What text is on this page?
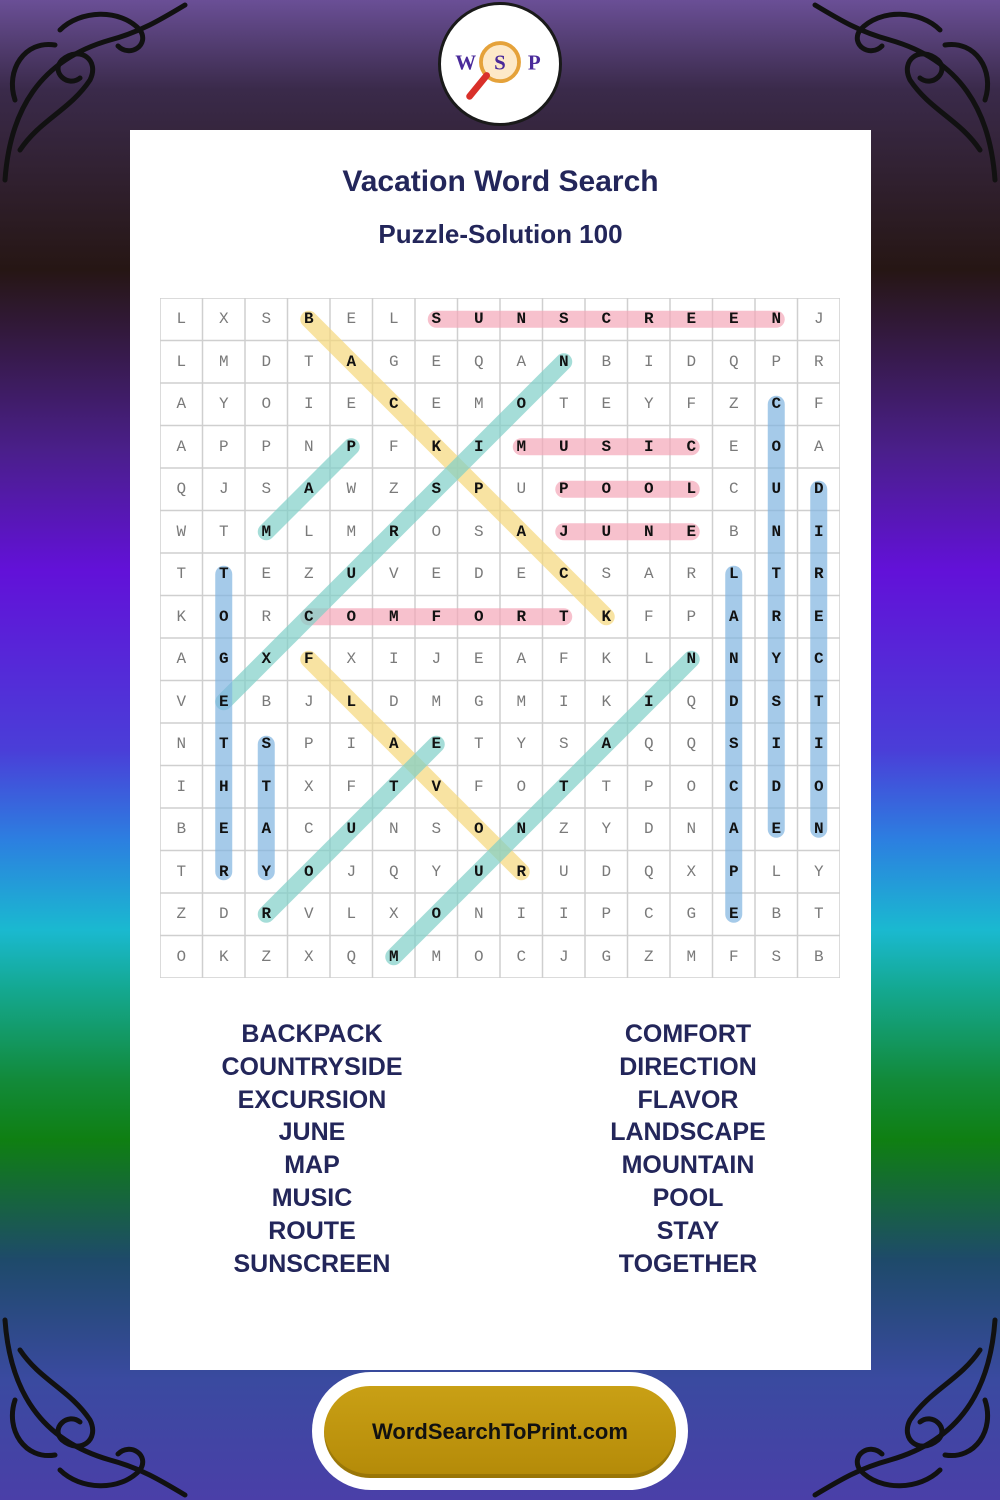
W S P
Vacation Word Search
Puzzle-Solution 100
L	X	S	B	E	L	S	U	N	S	C	R	E	E	N	J
L	M	D	T	A	G	E	Q	A	N	B	I	D	Q	P	R
A	Y	O	I	E	C	E	M	O	T	E	Y	F	Z	C	F
A	P	P	N	P	F	K	I	M	U	S	I	C	E	O	A
Q	J	S	A	W	Z	S	P	U	P	O	O	L	C	U	D
W	T	M	L	M	R	O	S	A	J	U	N	E	B	N	I
T	T	E	Z	U	V	E	D	E	C	S	A	R	L	T	R
K	O	R	C	O	M	F	O	R	T	K	F	P	A	R	E
A	G	X	F	X	I	J	E	A	F	K	L	N	N	Y	C
V	E	B	J	L	D	M	G	M	I	K	I	Q	D	S	T
N	T	S	P	I	A	E	T	Y	S	A	Q	Q	S	I	I
I	H	T	X	F	T	V	F	O	T	T	P	O	C	D	O
B	E	A	C	U	N	S	O	N	Z	Y	D	N	A	E	N
T	R	Y	O	J	Q	Y	U	R	U	D	Q	X	P	L	Y
Z	D	R	V	L	X	O	N	I	I	P	C	G	E	B	T
O	K	Z	X	Q	M	M	O	C	J	G	Z	M	F	S	B
BACKPACK
COUNTRYSIDE
EXCURSION
JUNE
MAP
MUSIC
ROUTE
SUNSCREEN
COMFORT
DIRECTION
FLAVOR
LANDSCAPE
MOUNTAIN
POOL
STAY
TOGETHER
WordSearchToPrint.com
